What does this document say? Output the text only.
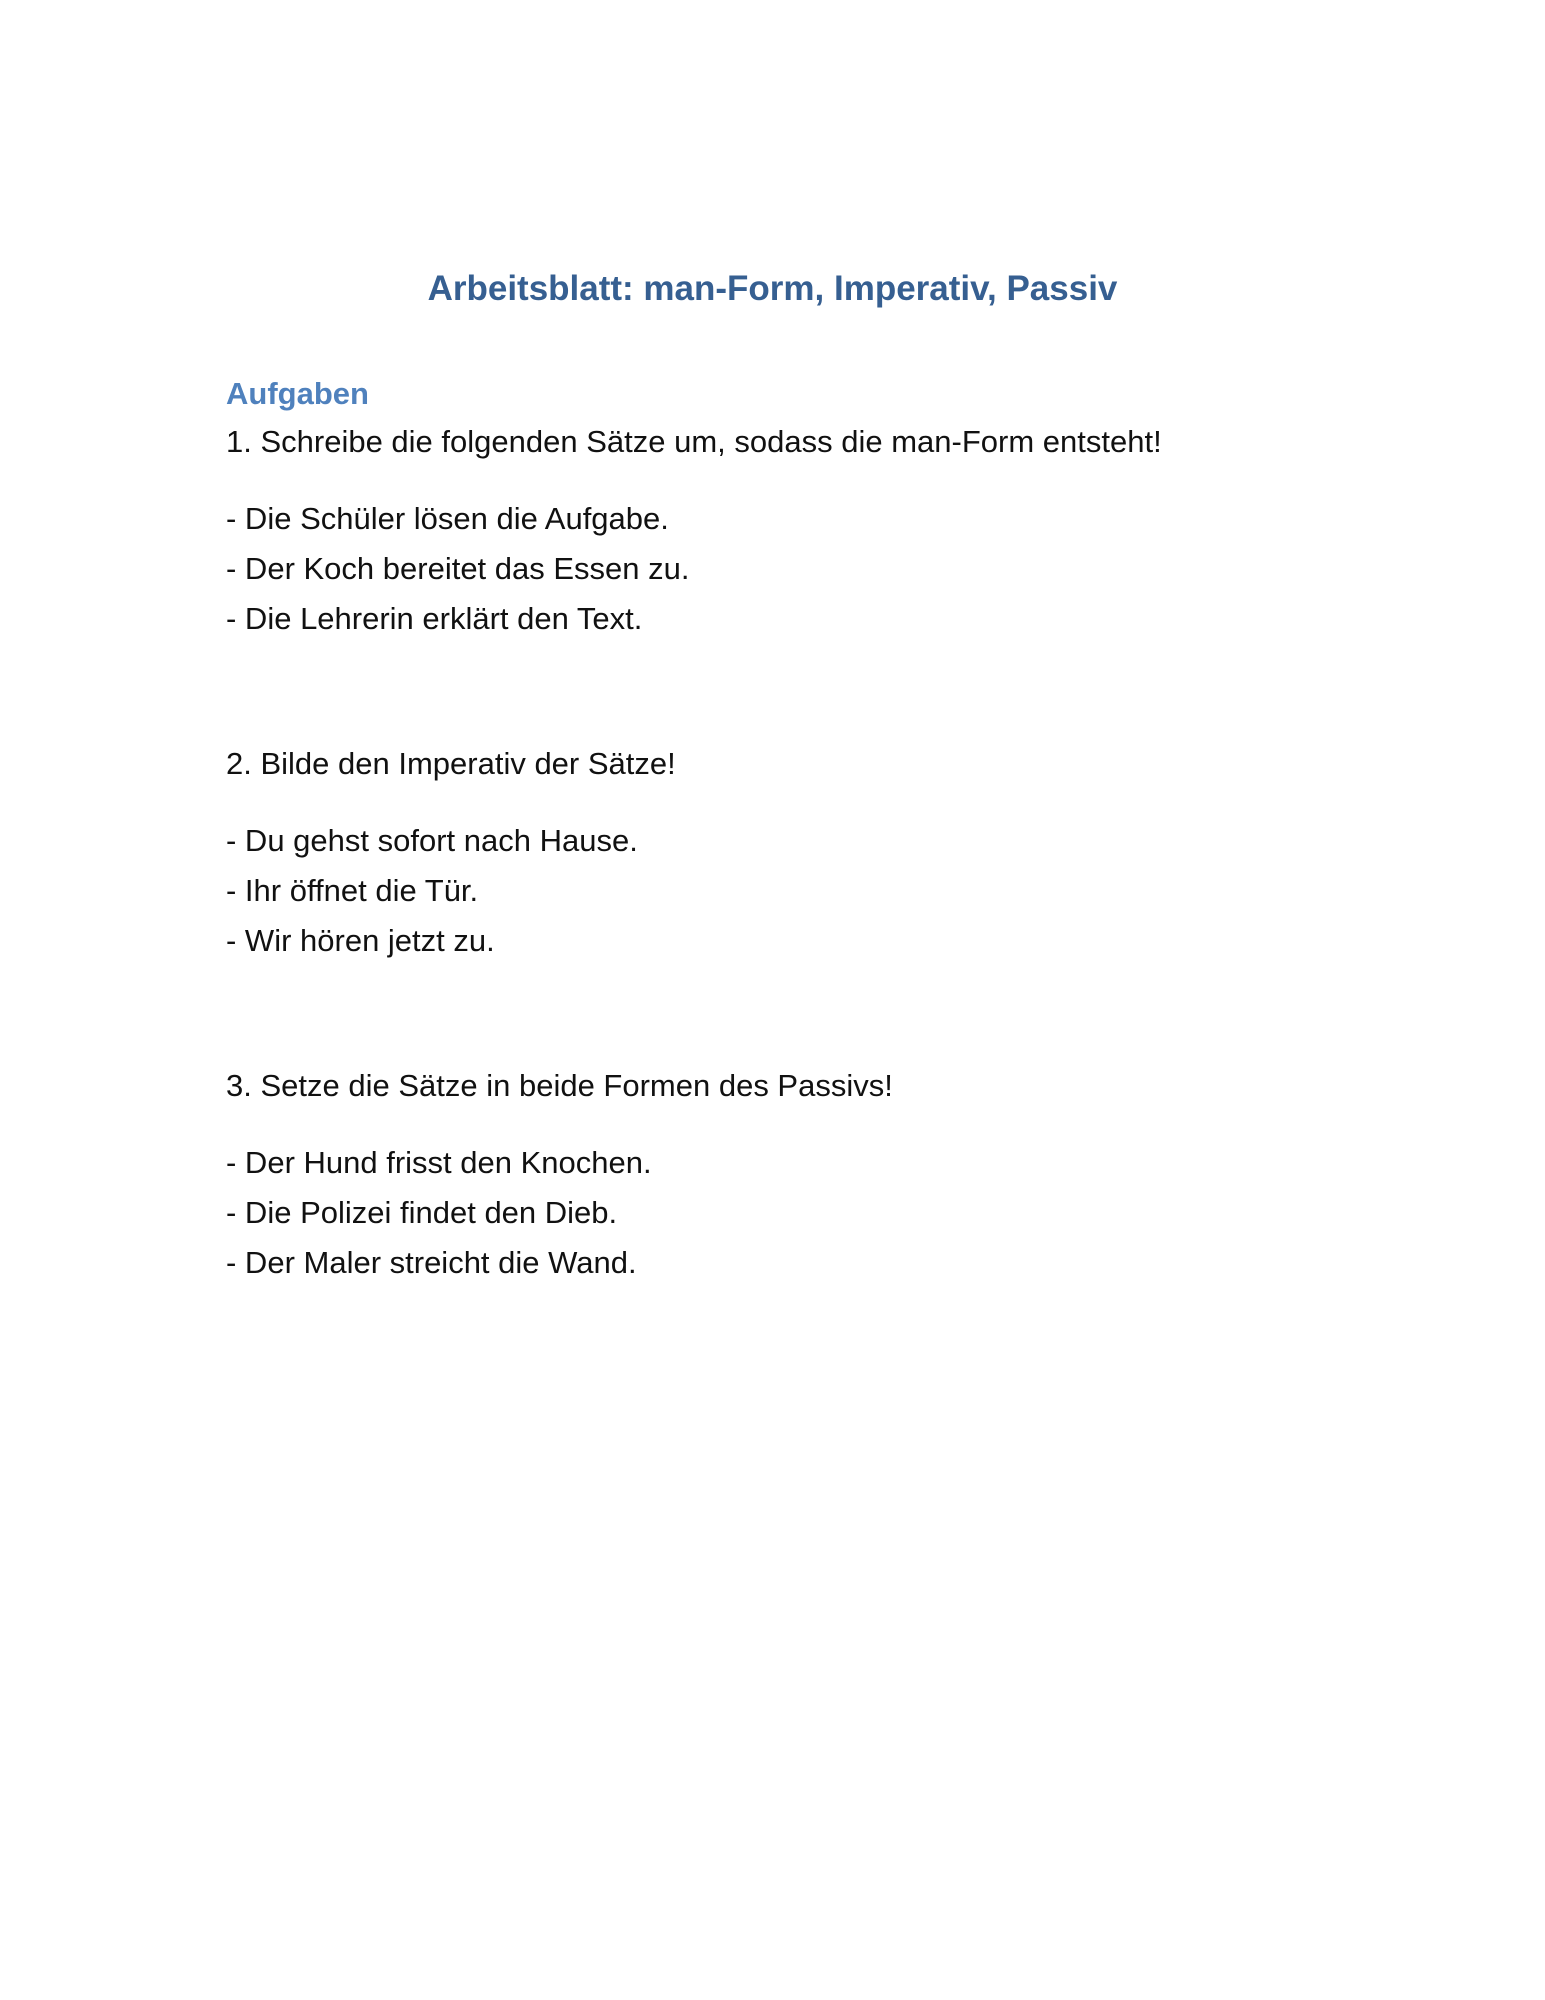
Arbeitsblatt: man-Form, Imperativ, Passiv
Aufgaben

1. Schreibe die folgenden Sätze um, sodass die man-Form entsteht!

- Die Schüler lösen die Aufgabe.
- Der Koch bereitet das Essen zu.
- Die Lehrerin erklärt den Text.

2. Bilde den Imperativ der Sätze!

- Du gehst sofort nach Hause.
- Ihr öffnet die Tür.
- Wir hören jetzt zu.

3. Setze die Sätze in beide Formen des Passivs!

- Der Hund frisst den Knochen.
- Die Polizei findet den Dieb.
- Der Maler streicht die Wand.
